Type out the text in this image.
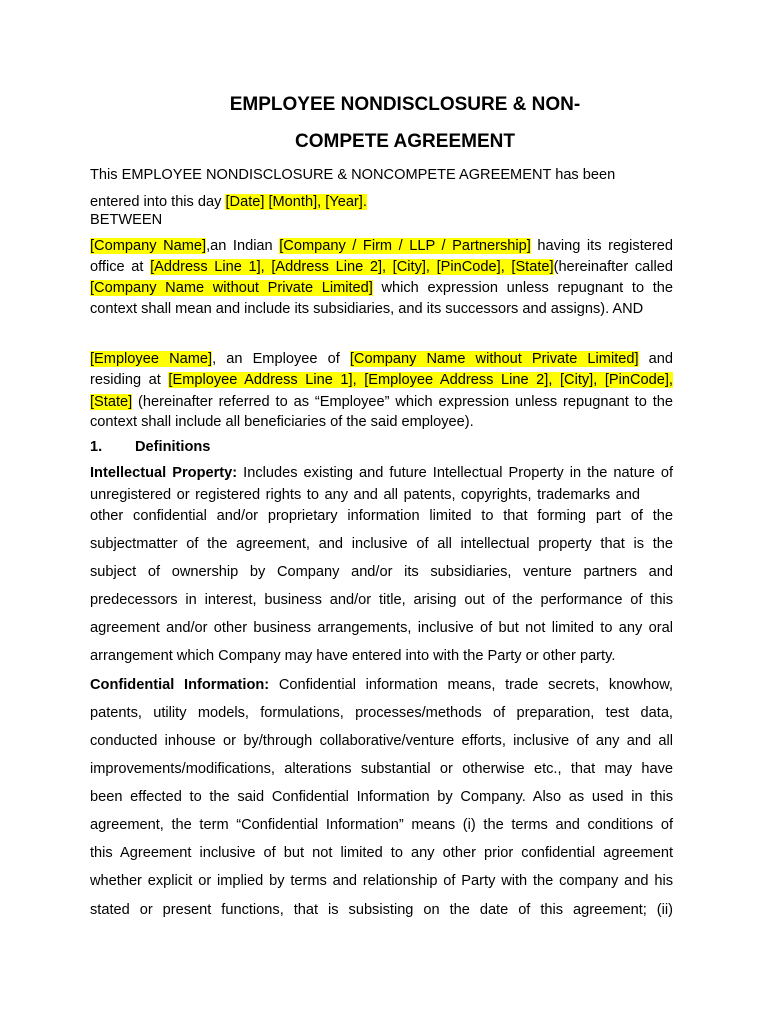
EMPLOYEE NONDISCLOSURE & NON-
COMPETE AGREEMENT
This EMPLOYEE NONDISCLOSURE & NONCOMPETE AGREEMENT has been
entered into this day [Date] [Month], [Year].
BETWEEN
[Company Name],an Indian [Company / Firm / LLP / Partnership] having its registered
office at [Address Line 1], [Address Line 2], [City], [PinCode], [State](hereinafter called
[Company Name without Private Limited] which expression unless repugnant to the
context shall mean and include its subsidiaries, and its successors and assigns). AND
[Employee Name], an Employee of [Company Name without Private Limited] and
residing at [Employee Address Line 1], [Employee Address Line 2], [City], [PinCode],
[State] (hereinafter referred to as “Employee” which expression unless repugnant to the
context shall include all beneficiaries of the said employee).
1. Definitions
Intellectual Property: Includes existing and future Intellectual Property in the nature of
unregistered or registered rights to any and all patents, copyrights, trademarks and
other confidential and/or proprietary information limited to that forming part of the
subjectmatter of the agreement, and inclusive of all intellectual property that is the
subject of ownership by Company and/or its subsidiaries, venture partners and
predecessors in interest, business and/or title, arising out of the performance of this
agreement and/or other business arrangements, inclusive of but not limited to any oral
arrangement which Company may have entered into with the Party or other party.
Confidential Information: Confidential information means, trade secrets, knowhow,
patents, utility models, formulations, processes/methods of preparation, test data,
conducted inhouse or by/through collaborative/venture efforts, inclusive of any and all
improvements/modifications, alterations substantial or otherwise etc., that may have
been effected to the said Confidential Information by Company. Also as used in this
agreement, the term “Confidential Information” means (i) the terms and conditions of
this Agreement inclusive of but not limited to any other prior confidential agreement
whether explicit or implied by terms and relationship of Party with the company and his
stated or present functions, that is subsisting on the date of this agreement; (ii)
